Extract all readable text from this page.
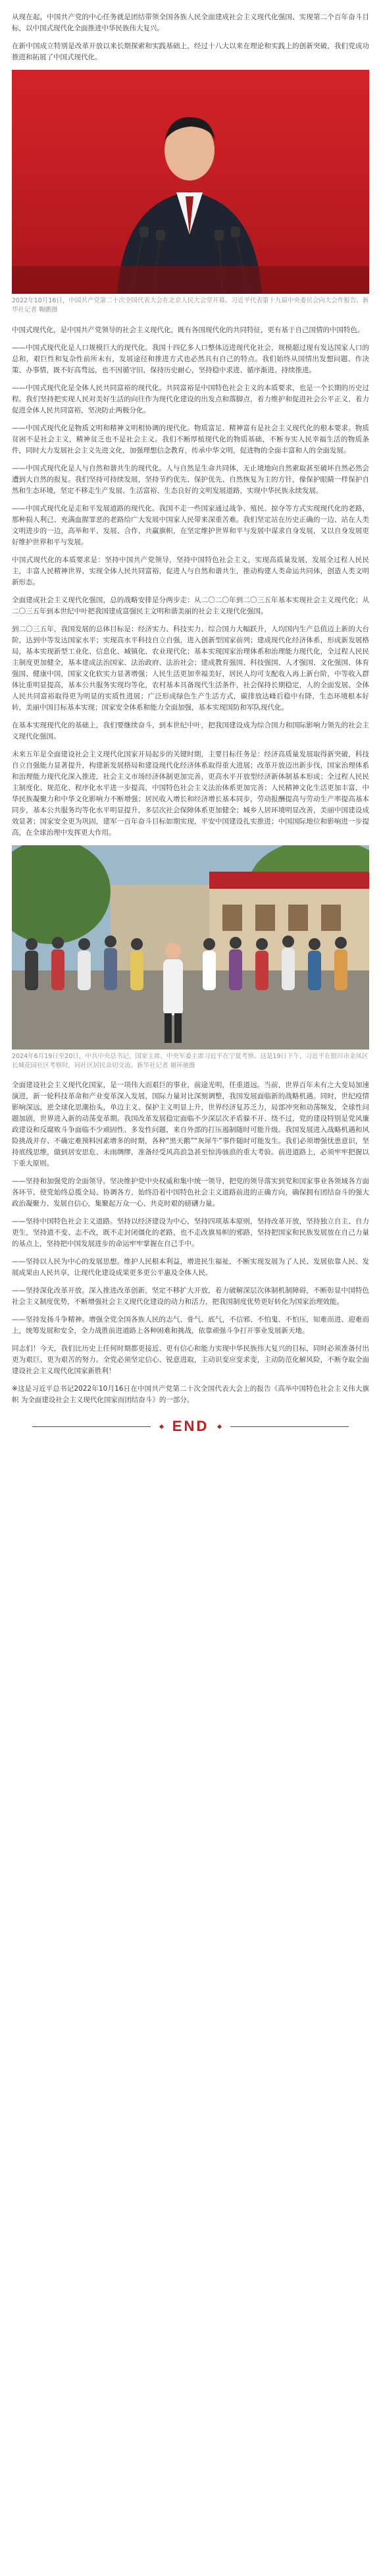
从现在起，中国共产党的中心任务就是团结带领全国各族人民全面建成社会主义现代化强国、实现第二个百年奋斗目标，以中国式现代化全面推进中华民族伟大复兴。

在新中国成立特别是改革开放以来长期探索和实践基础上，经过十八大以来在理论和实践上的创新突破，我们党成功推进和拓展了中国式现代化。

2022年10月16日，中国共产党第二十次全国代表大会在北京人民大会堂开幕。习近平代表第十九届中央委员会向大会作报告。新华社记者 鞠鹏摄

中国式现代化，是中国共产党领导的社会主义现代化，既有各国现代化的共同特征，更有基于自己国情的中国特色。

——中国式现代化是人口规模巨大的现代化。我国十四亿多人口整体迈进现代化社会，规模超过现有发达国家人口的总和，艰巨性和复杂性前所未有，发展途径和推进方式也必然具有自己的特点。我们始终从国情出发想问题、作决策、办事情，既不好高骛远，也不因循守旧，保持历史耐心，坚持稳中求进、循序渐进、持续推进。

——中国式现代化是全体人民共同富裕的现代化。共同富裕是中国特色社会主义的本质要求，也是一个长期的历史过程。我们坚持把实现人民对美好生活的向往作为现代化建设的出发点和落脚点，着力维护和促进社会公平正义，着力促进全体人民共同富裕，坚决防止两极分化。

——中国式现代化是物质文明和精神文明相协调的现代化。物质富足、精神富有是社会主义现代化的根本要求。物质贫困不是社会主义，精神贫乏也不是社会主义。我们不断厚植现代化的物质基础，不断夯实人民幸福生活的物质条件，同时大力发展社会主义先进文化，加强理想信念教育，传承中华文明，促进物的全面丰富和人的全面发展。

——中国式现代化是人与自然和谐共生的现代化。人与自然是生命共同体，无止境地向自然索取甚至破坏自然必然会遭到大自然的报复。我们坚持可持续发展，坚持节约优先、保护优先、自然恢复为主的方针，像保护眼睛一样保护自然和生态环境，坚定不移走生产发展、生活富裕、生态良好的文明发展道路，实现中华民族永续发展。

——中国式现代化是走和平发展道路的现代化。我国不走一些国家通过战争、殖民、掠夺等方式实现现代化的老路，那种损人利己、充满血腥罪恶的老路给广大发展中国家人民带来深重苦难。我们坚定站在历史正确的一边、站在人类文明进步的一边，高举和平、发展、合作、共赢旗帜，在坚定维护世界和平与发展中谋求自身发展，又以自身发展更好维护世界和平与发展。

中国式现代化的本质要求是：坚持中国共产党领导，坚持中国特色社会主义，实现高质量发展，发展全过程人民民主，丰富人民精神世界，实现全体人民共同富裕，促进人与自然和谐共生，推动构建人类命运共同体，创造人类文明新形态。

全面建成社会主义现代化强国，总的战略安排是分两步走：从二〇二〇年到二〇三五年基本实现社会主义现代化；从二〇三五年到本世纪中叶把我国建成富强民主文明和谐美丽的社会主义现代化强国。

到二〇三五年，我国发展的总体目标是：经济实力、科技实力、综合国力大幅跃升，人均国内生产总值迈上新的大台阶，达到中等发达国家水平；实现高水平科技自立自强，进入创新型国家前列；建成现代化经济体系，形成新发展格局，基本实现新型工业化、信息化、城镇化、农业现代化；基本实现国家治理体系和治理能力现代化，全过程人民民主制度更加健全，基本建成法治国家、法治政府、法治社会；建成教育强国、科技强国、人才强国、文化强国、体育强国、健康中国，国家文化软实力显著增强；人民生活更加幸福美好，居民人均可支配收入再上新台阶，中等收入群体比重明显提高，基本公共服务实现均等化，农村基本具备现代生活条件，社会保持长期稳定，人的全面发展、全体人民共同富裕取得更为明显的实质性进展；广泛形成绿色生产生活方式，碳排放达峰后稳中有降，生态环境根本好转，美丽中国目标基本实现；国家安全体系和能力全面加强，基本实现国防和军队现代化。

在基本实现现代化的基础上，我们要继续奋斗，到本世纪中叶，把我国建设成为综合国力和国际影响力领先的社会主义现代化强国。

未来五年是全面建设社会主义现代化国家开局起步的关键时期，主要目标任务是：经济高质量发展取得新突破，科技自立自强能力显著提升，构建新发展格局和建设现代化经济体系取得重大进展；改革开放迈出新步伐，国家治理体系和治理能力现代化深入推进，社会主义市场经济体制更加完善，更高水平开放型经济新体制基本形成；全过程人民民主制度化、规范化、程序化水平进一步提高，中国特色社会主义法治体系更加完善；人民精神文化生活更加丰富，中华民族凝聚力和中华文化影响力不断增强；居民收入增长和经济增长基本同步，劳动报酬提高与劳动生产率提高基本同步，基本公共服务均等化水平明显提升，多层次社会保障体系更加健全；城乡人居环境明显改善，美丽中国建设成效显著；国家安全更为巩固，建军一百年奋斗目标如期实现，平安中国建设扎实推进；中国国际地位和影响进一步提高，在全球治理中发挥更大作用。

2024年6月19日至20日，中共中央总书记、国家主席、中央军委主席习近平在宁夏考察。这是19日下午，习近平在银川市金凤区长城花园社区考察时，同社区居民亲切交流。新华社记者 谢环驰摄

全面建设社会主义现代化国家，是一项伟大而艰巨的事业，前途光明，任重道远。当前，世界百年未有之大变局加速演进，新一轮科技革命和产业变革深入发展，国际力量对比深刻调整，我国发展面临新的战略机遇。同时，世纪疫情影响深远，逆全球化思潮抬头，单边主义、保护主义明显上升，世界经济复苏乏力，局部冲突和动荡频发，全球性问题加剧，世界进入新的动荡变革期。我国改革发展稳定面临不少深层次矛盾躲不开、绕不过，党的建设特别是党风廉政建设和反腐败斗争面临不少顽固性、多发性问题，来自外部的打压遏制随时可能升级。我国发展进入战略机遇和风险挑战并存、不确定难预料因素增多的时期，各种“黑天鹅”“灰犀牛”事件随时可能发生。我们必须增强忧患意识，坚持底线思维，做到居安思危、未雨绸缪，准备经受风高浪急甚至惊涛骇浪的重大考验。前进道路上，必须牢牢把握以下重大原则。

——坚持和加强党的全面领导。坚决维护党中央权威和集中统一领导，把党的领导落实到党和国家事业各领域各方面各环节，使党始终总揽全局、协调各方，始终沿着中国特色社会主义道路前进的正确方向，确保拥有团结奋斗的强大政治凝聚力、发展自信心，集聚起万众一心、共克时艰的磅礴力量。

——坚持中国特色社会主义道路。坚持以经济建设为中心，坚持四项基本原则，坚持改革开放，坚持独立自主、自力更生，坚持道不变、志不改，既不走封闭僵化的老路，也不走改旗易帜的邪路，坚持把国家和民族发展放在自己力量的基点上，坚持把中国发展进步的命运牢牢掌握在自己手中。

——坚持以人民为中心的发展思想。维护人民根本利益，增进民生福祉，不断实现发展为了人民、发展依靠人民、发展成果由人民共享，让现代化建设成果更多更公平惠及全体人民。

——坚持深化改革开放。深入推进改革创新，坚定不移扩大开放，着力破解深层次体制机制障碍，不断彰显中国特色社会主义制度优势，不断增强社会主义现代化建设的动力和活力，把我国制度优势更好转化为国家治理效能。

——坚持发扬斗争精神。增强全党全国各族人民的志气、骨气、底气，不信邪、不怕鬼、不怕压，知难而进、迎难而上，统筹发展和安全，全力战胜前进道路上各种困难和挑战，依靠顽强斗争打开事业发展新天地。

同志们！今天，我们比历史上任何时期都更接近、更有信心和能力实现中华民族伟大复兴的目标，同时必须准备付出更为艰巨、更为艰苦的努力。全党必须坚定信心、锐意进取，主动识变应变求变，主动防范化解风险，不断夺取全面建设社会主义现代化国家新胜利！

※这是习近平总书记2022年10月16日在中国共产党第二十次全国代表大会上的报告《高举中国特色社会主义伟大旗帜 为全面建设社会主义现代化国家而团结奋斗》的一部分。

END
